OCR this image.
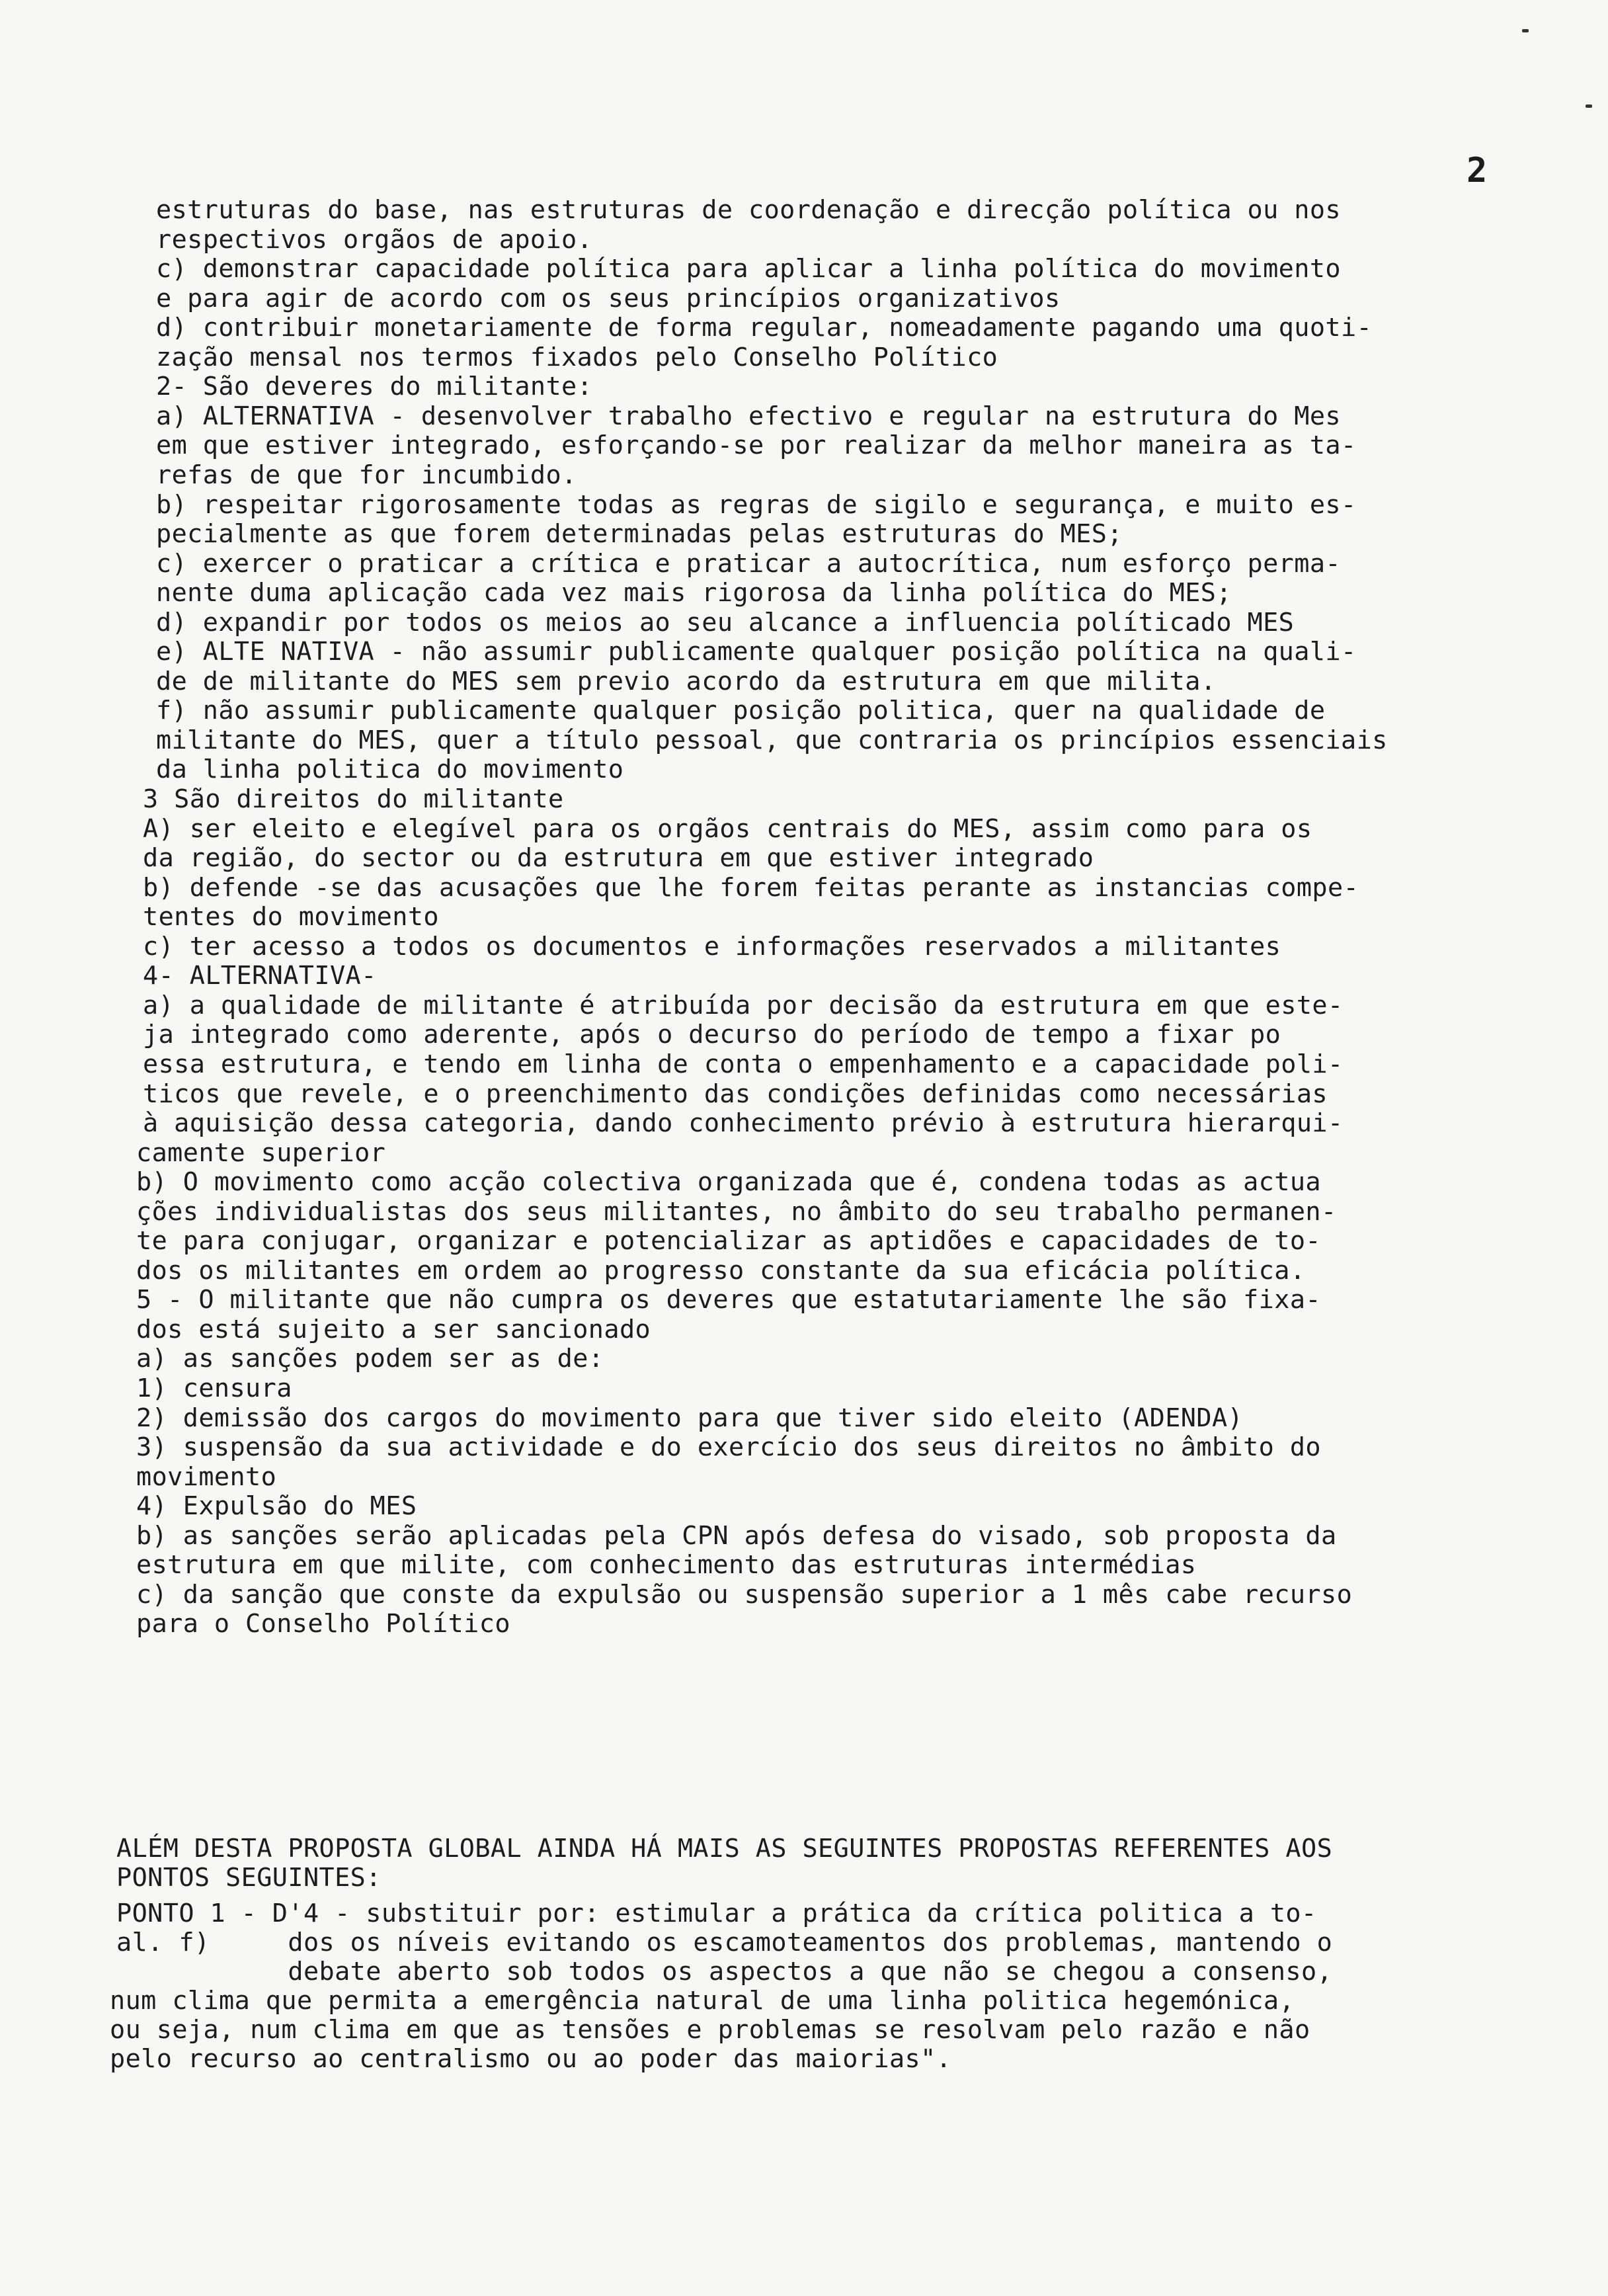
2
estruturas do base, nas estruturas de coordenação e direcção política ou nos
respectivos orgãos de apoio.
c) demonstrar capacidade política para aplicar a linha política do movimento
e para agir de acordo com os seus princípios organizativos
d) contribuir monetariamente de forma regular, nomeadamente pagando uma quoti-
zação mensal nos termos fixados pelo Conselho Político
2- São deveres do militante:
a) ALTERNATIVA - desenvolver trabalho efectivo e regular na estrutura do Mes
em que estiver integrado, esforçando-se por realizar da melhor maneira as ta-
refas de que for incumbido.
b) respeitar rigorosamente todas as regras de sigilo e segurança, e muito es-
pecialmente as que forem determinadas pelas estruturas do MES;
c) exercer o praticar a crítica e praticar a autocrítica, num esforço perma-
nente duma aplicação cada vez mais rigorosa da linha política do MES;
d) expandir por todos os meios ao seu alcance a influencia políticado MES
e) ALTE NATIVA - não assumir publicamente qualquer posição política na quali-
de de militante do MES sem previo acordo da estrutura em que milita.
f) não assumir publicamente qualquer posição politica, quer na qualidade de
militante do MES, quer a título pessoal, que contraria os princípios essenciais
da linha politica do movimento
3 São direitos do militante
A) ser eleito e elegível para os orgãos centrais do MES, assim como para os
da região, do sector ou da estrutura em que estiver integrado
b) defende -se das acusações que lhe forem feitas perante as instancias compe-
tentes do movimento
c) ter acesso a todos os documentos e informações reservados a militantes
4- ALTERNATIVA-
a) a qualidade de militante é atribuída por decisão da estrutura em que este-
ja integrado como aderente, após o decurso do período de tempo a fixar po
essa estrutura, e tendo em linha de conta o empenhamento e a capacidade poli-
ticos que revele, e o preenchimento das condições definidas como necessárias
à aquisição dessa categoria, dando conhecimento prévio à estrutura hierarqui-
camente superior
b) O movimento como acção colectiva organizada que é, condena todas as actua
ções individualistas dos seus militantes, no âmbito do seu trabalho permanen-
te para conjugar, organizar e potencializar as aptidões e capacidades de to-
dos os militantes em ordem ao progresso constante da sua eficácia política.
5 - O militante que não cumpra os deveres que estatutariamente lhe são fixa-
dos está sujeito a ser sancionado
a) as sanções podem ser as de:
1) censura
2) demissão dos cargos do movimento para que tiver sido eleito (ADENDA)
3) suspensão da sua actividade e do exercício dos seus direitos no âmbito do
movimento
4) Expulsão do MES
b) as sanções serão aplicadas pela CPN após defesa do visado, sob proposta da
estrutura em que milite, com conhecimento das estruturas intermédias
c) da sanção que conste da expulsão ou suspensão superior a 1 mês cabe recurso
para o Conselho Político
ALÉM DESTA PROPOSTA GLOBAL AINDA HÁ MAIS AS SEGUINTES PROPOSTAS REFERENTES AOS
PONTOS SEGUINTES:
PONTO 1 - D'4 - substituir por: estimular a prática da crítica politica a to-
al. f)     dos os níveis evitando os escamoteamentos dos problemas, mantendo o
debate aberto sob todos os aspectos a que não se chegou a consenso,
num clima que permita a emergência natural de uma linha politica hegemónica,
ou seja, num clima em que as tensões e problemas se resolvam pelo razão e não
pelo recurso ao centralismo ou ao poder das maiorias".
